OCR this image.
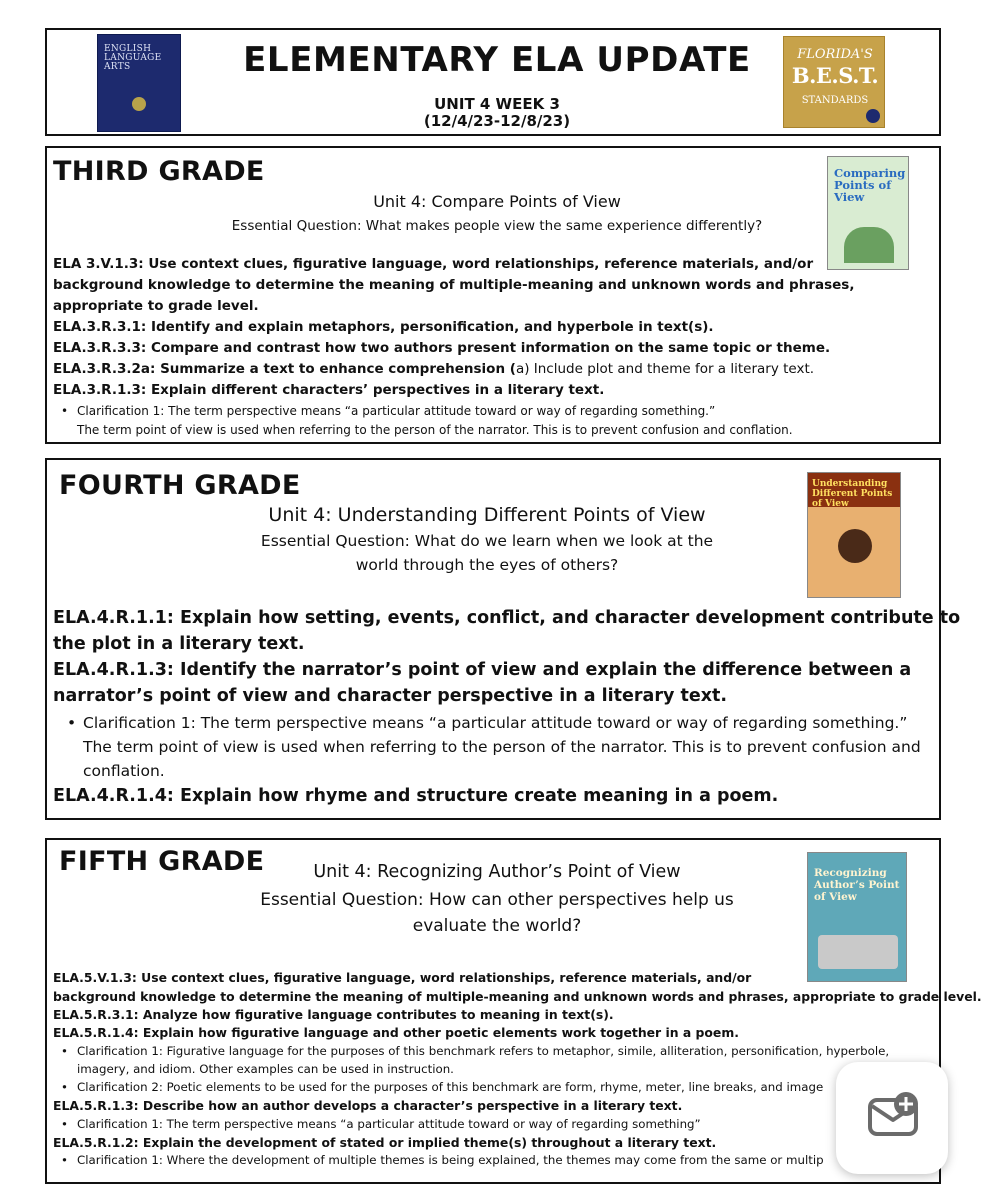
ENGLISH
LANGUAGE
ARTS	ELEMENTARY ELA UPDATE
UNIT 4 WEEK 3
(12/4/23-12/8/23)
FLORIDA'S
B.E.S.T.
STANDARDS
THIRD GRADE
Unit 4: Compare Points of View
Essential Question: What makes people view the same experience differently?
Comparing Points of View
ELA 3.V.1.3: Use context clues, figurative language, word relationships, reference materials, and/or
background knowledge to determine the meaning of multiple-meaning and unknown words and phrases,
appropriate to grade level.
ELA.3.R.3.1: Identify and explain metaphors, personification, and hyperbole in text(s).
ELA.3.R.3.3: Compare and contrast how two authors present information on the same topic or theme.
ELA.3.R.3.2a: Summarize a text to enhance comprehension (a) Include plot and theme for a literary text.
ELA.3.R.1.3: Explain different characters’ perspectives in a literary text.
• Clarification 1: The term perspective means “a particular attitude toward or way of regarding something.”
The term point of view is used when referring to the person of the narrator. This is to prevent confusion and conflation.
FOURTH GRADE
Unit 4: Understanding Different Points of View
Essential Question: What do we learn when we look at the
world through the eyes of others?
Understanding Different Points of View
ELA.4.R.1.1: Explain how setting, events, conflict, and character development contribute to
the plot in a literary text.
ELA.4.R.1.3: Identify the narrator’s point of view and explain the difference between a
narrator’s point of view and character perspective in a literary text.
• Clarification 1: The term perspective means “a particular attitude toward or way of regarding something.”
The term point of view is used when referring to the person of the narrator. This is to prevent confusion and
conflation.
ELA.4.R.1.4: Explain how rhyme and structure create meaning in a poem.
FIFTH GRADE	Unit 4: Recognizing Author’s Point of View
Essential Question: How can other perspectives help us
evaluate the world?
Recognizing Author’s Point of View
ELA.5.V.1.3: Use context clues, figurative language, word relationships, reference materials, and/or
background knowledge to determine the meaning of multiple-meaning and unknown words and phrases, appropriate to grade level.
ELA.5.R.3.1: Analyze how figurative language contributes to meaning in text(s).
ELA.5.R.1.4: Explain how figurative language and other poetic elements work together in a poem.
• Clarification 1: Figurative language for the purposes of this benchmark refers to metaphor, simile, alliteration, personification, hyperbole,
imagery, and idiom. Other examples can be used in instruction.
• Clarification 2: Poetic elements to be used for the purposes of this benchmark are form, rhyme, meter, line breaks, and image
ELA.5.R.1.3: Describe how an author develops a character’s perspective in a literary text.
• Clarification 1: The term perspective means “a particular attitude toward or way of regarding something”
ELA.5.R.1.2: Explain the development of stated or implied theme(s) throughout a literary text.
• Clarification 1: Where the development of multiple themes is being explained, the themes may come from the same or multip
